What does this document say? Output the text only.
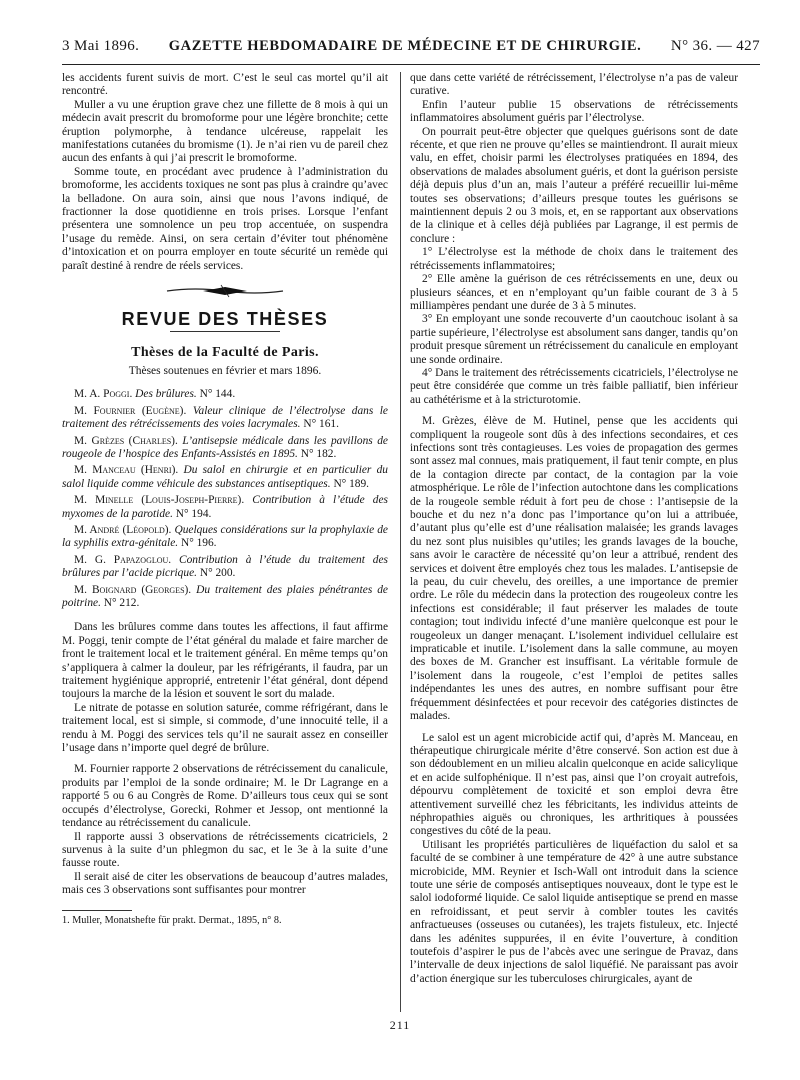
3 Mai 1896. GAZETTE HEBDOMADAIRE DE MÉDECINE ET DE CHIRURGIE. N° 36. — 427

les accidents furent suivis de mort. C’est le seul cas mortel qu’il ait rencontré.

Muller a vu une éruption grave chez une fillette de 8 mois à qui un médecin avait prescrit du bromoforme pour une légère bronchite; cette éruption polymorphe, à tendance ulcéreuse, rappelait les manifestations cutanées du bromisme (1). Je n’ai rien vu de pareil chez aucun des enfants à qui j’ai prescrit le bromoforme.

Somme toute, en procédant avec prudence à l’administration du bromoforme, les accidents toxiques ne sont pas plus à craindre qu’avec la belladone. On aura soin, ainsi que nous l’avons indiqué, de fractionner la dose quotidienne en trois prises. Lorsque l’enfant présentera une somnolence un peu trop accentuée, on suspendra l’usage du remède. Ainsi, on sera certain d’éviter tout phénomène d’intoxication et on pourra employer en toute sécurité un remède qui paraît destiné à rendre de réels services.

REVUE DES THÈSES
Thèses de la Faculté de Paris.
Thèses soutenues en février et mars 1896.

M. A. Poggi. Des brûlures. N° 144.

M. Fournier (Eugène). Valeur clinique de l’électrolyse dans le traitement des rétrécissements des voies lacrymales. N° 161.

M. Grèzes (Charles). L’antisepsie médicale dans les pavillons de rougeole de l’hospice des Enfants-Assistés en 1895. N° 182.

M. Manceau (Henri). Du salol en chirurgie et en particulier du salol liquide comme véhicule des substances antiseptiques. N° 189.

M. Minelle (Louis-Joseph-Pierre). Contribution à l’étude des myxomes de la parotide. N° 194.

M. André (Léopold). Quelques considérations sur la prophylaxie de la syphilis extra-génitale. N° 196.

M. G. Papazoglou. Contribution à l’étude du traitement des brûlures par l’acide picrique. N° 200.

M. Boignard (Georges). Du traitement des plaies pénétrantes de poitrine. N° 212.

Dans les brûlures comme dans toutes les affections, il faut affirme M. Poggi, tenir compte de l’état général du malade et faire marcher de front le traitement local et le traitement général. En même temps qu’on s’appliquera à calmer la douleur, par les réfrigérants, il faudra, par un traitement hygiénique approprié, entretenir l’état général, dont dépend toujours la marche de la lésion et souvent le sort du malade.

Le nitrate de potasse en solution saturée, comme réfrigérant, dans le traitement local, est si simple, si commode, d’une innocuité telle, il a rendu à M. Poggi des services tels qu’il ne saurait assez en conseiller l’usage dans n’importe quel degré de brûlure.

M. Fournier rapporte 2 observations de rétrécissement du canalicule, produits par l’emploi de la sonde ordinaire; M. le Dr Lagrange en a rapporté 5 ou 6 au Congrès de Rome. D’ailleurs tous ceux qui se sont occupés d’électrolyse, Gorecki, Rohmer et Jessop, ont mentionné la tendance au rétrécissement du canalicule.

Il rapporte aussi 3 observations de rétrécissements cicatriciels, 2 survenus à la suite d’un phlegmon du sac, et le 3e à la suite d’une fausse route.

Il serait aisé de citer les observations de beaucoup d’autres malades, mais ces 3 observations sont suffisantes pour montrer

1. Muller, Monatshefte für prakt. Dermat., 1895, n° 8.

que dans cette variété de rétrécissement, l’électrolyse n’a pas de valeur curative.

Enfin l’auteur publie 15 observations de rétrécissements inflammatoires absolument guéris par l’électrolyse.

On pourrait peut-être objecter que quelques guérisons sont de date récente, et que rien ne prouve qu’elles se maintiendront. Il aurait mieux valu, en effet, choisir parmi les électrolyses pratiquées en 1894, des observations de malades absolument guéris, et dont la guérison persiste déjà depuis plus d’un an, mais l’auteur a préféré recueillir lui-même toutes ses observations; d’ailleurs presque toutes les guérisons se maintiennent depuis 2 ou 3 mois, et, en se rapportant aux observations de la clinique et à celles déjà publiées par Lagrange, il est permis de conclure :

1° L’électrolyse est la méthode de choix dans le traitement des rétrécissements inflammatoires;

2° Elle amène la guérison de ces rétrécissements en une, deux ou plusieurs séances, et en n’employant qu’un faible courant de 3 à 5 milliampères pendant une durée de 3 à 5 minutes.

3° En employant une sonde recouverte d’un caoutchouc isolant à sa partie supérieure, l’électrolyse est absolument sans danger, tandis qu’on produit presque sûrement un rétrécissement du canalicule en employant une sonde ordinaire.

4° Dans le traitement des rétrécissements cicatriciels, l’électrolyse ne peut être considérée que comme un très faible palliatif, bien inférieur au cathétérisme et à la stricturotomie.

M. Grèzes, élève de M. Hutinel, pense que les accidents qui compliquent la rougeole sont dûs à des infections secondaires, et ces infections sont très contagieuses. Les voies de propagation des germes sont assez mal connues, mais pratiquement, il faut tenir compte, en plus de la contagion directe par contact, de la contagion par la voie atmosphérique. Le rôle de l’infection autochtone dans les complications de la rougeole semble réduit à fort peu de chose : l’antisepsie de la bouche et du nez n’a donc pas l’importance qu’on lui a attribuée, d’autant plus qu’elle est d’une réalisation malaisée; les grands lavages du nez sont plus nuisibles qu’utiles; les grands lavages de la bouche, sans avoir le caractère de nécessité qu’on leur a attribué, rendent des services et doivent être employés chez tous les malades. L’antisepsie de la peau, du cuir chevelu, des oreilles, a une importance de premier ordre. Le rôle du médecin dans la protection des rougeoleux contre les infections est considérable; il faut préserver les malades de toute contagion; tout individu infecté d’une manière quelconque est pour le rougeoleux un danger menaçant. L’isolement individuel cellulaire est impraticable et inutile. L’isolement dans la salle commune, au moyen des boxes de M. Grancher est insuffisant. La véritable formule de l’isolement dans la rougeole, c’est l’emploi de petites salles indépendantes les unes des autres, en nombre suffisant pour être fréquemment désinfectées et pour recevoir des catégories distinctes de malades.

Le salol est un agent microbicide actif qui, d’après M. Manceau, en thérapeutique chirurgicale mérite d’être conservé. Son action est due à son dédoublement en un milieu alcalin quelconque en acide salicylique et en acide sulfophénique. Il n’est pas, ainsi que l’on croyait autrefois, dépourvu complètement de toxicité et son emploi devra être attentivement surveillé chez les fébricitants, les individus atteints de néphropathies aiguës ou chroniques, les arthritiques à poussées congestives du côté de la peau.

Utilisant les propriétés particulières de liquéfaction du salol et sa faculté de se combiner à une température de 42° à une autre substance microbicide, MM. Reynier et Isch-Wall ont introduit dans la science toute une série de composés antiseptiques nouveaux, dont le type est le salol iodoformé liquide. Ce salol liquide antiseptique se prend en masse en refroidissant, et peut servir à combler toutes les cavités anfractueuses (osseuses ou cutanées), les trajets fistuleux, etc. Injecté dans les adénites suppurées, il en évite l’ouverture, à condition toutefois d’aspirer le pus de l’abcès avec une seringue de Pravaz, dans l’intervalle de deux injections de salol liquéfié. Ne paraissant pas avoir d’action énergique sur les tuberculoses chirurgicales, ayant de

211
